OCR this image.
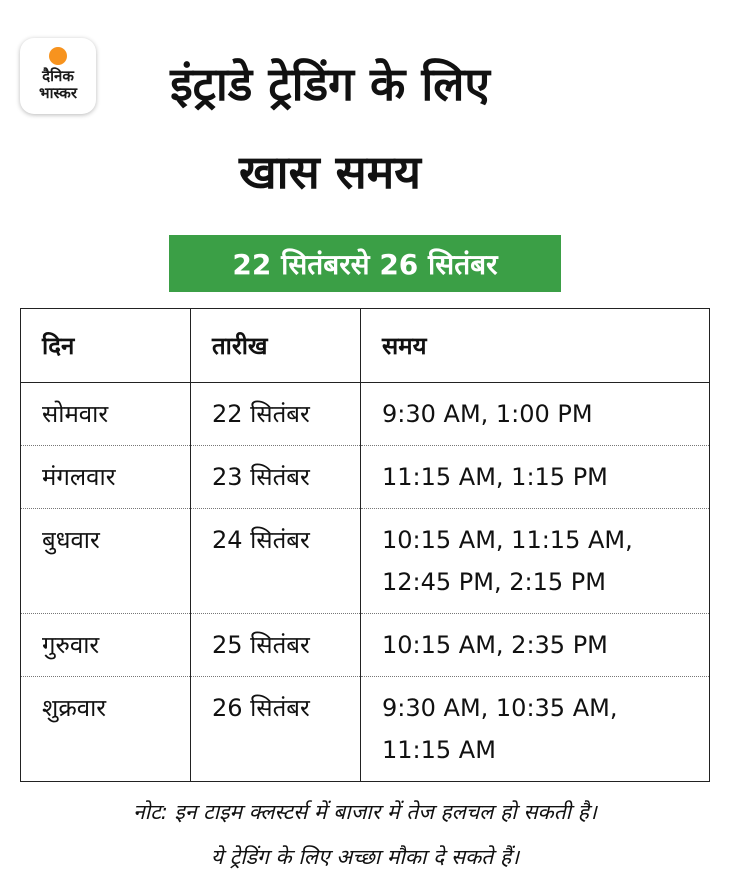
दैनिक
भास्कर	इंट्राडे ट्रेडिंग के लिए
खास समय
22 सितंबरसे 26 सितंबर
दिन	तारीख	समय
सोमवार	22 सितंबर	9:30 AM, 1:00 PM

मंगलवार	23 सितंबर	11:15 AM, 1:15 PM

बुधवार	24 सितंबर	10:15 AM, 11:15 AM,
12:45 PM, 2:15 PM

गुरुवार	25 सितंबर	10:15 AM, 2:35 PM

शुक्रवार	26 सितंबर	9:30 AM, 10:35 AM,
11:15 AM

नोट: इन टाइम क्लस्टर्स में बाजार में तेज हलचल हो सकती है।

ये ट्रेडिंग के लिए अच्छा मौका दे सकते हैं।
